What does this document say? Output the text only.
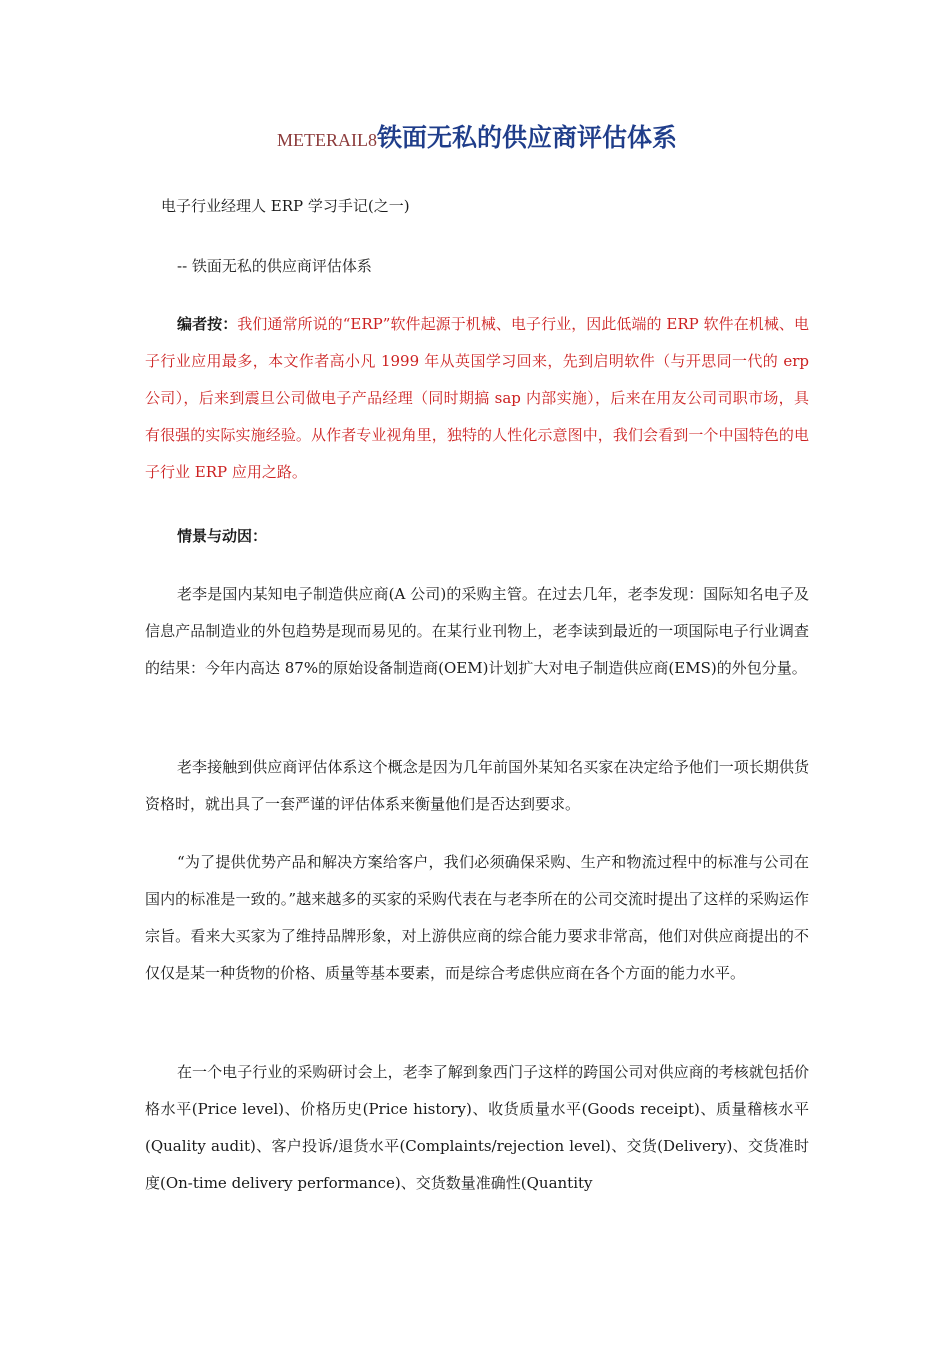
METERAIL8铁面无私的供应商评估体系
电子行业经理人 ERP 学习手记(之一)
-- 铁面无私的供应商评估体系
编者按：我们通常所说的“ERP”软件起源于机械、电子行业，因此低端的 ERP 软件在机械、电子行业应用最多，本文作者高小凡 1999 年从英国学习回来，先到启明软件（与开思同一代的 erp 公司），后来到震旦公司做电子产品经理（同时期搞 sap 内部实施），后来在用友公司司职市场，具有很强的实际实施经验。从作者专业视角里，独特的人性化示意图中，我们会看到一个中国特色的电子行业 ERP 应用之路。
情景与动因：
老李是国内某知电子制造供应商(A 公司)的采购主管。在过去几年，老李发现：国际知名电子及信息产品制造业的外包趋势是现而易见的。在某行业刊物上，老李读到最近的一项国际电子行业调查的结果：今年内高达 87%的原始设备制造商(OEM)计划扩大对电子制造供应商(EMS)的外包分量。
老李接触到供应商评估体系这个概念是因为几年前国外某知名买家在决定给予他们一项长期供货资格时，就出具了一套严谨的评估体系来衡量他们是否达到要求。
“为了提供优势产品和解决方案给客户，我们必须确保采购、生产和物流过程中的标准与公司在国内的标准是一致的。”越来越多的买家的采购代表在与老李所在的公司交流时提出了这样的采购运作宗旨。看来大买家为了维持品牌形象，对上游供应商的综合能力要求非常高，他们对供应商提出的不仅仅是某一种货物的价格、质量等基本要素，而是综合考虑供应商在各个方面的能力水平。
在一个电子行业的采购研讨会上，老李了解到象西门子这样的跨国公司对供应商的考核就包括价格水平(Price level)、价格历史(Price history)、收货质量水平(Goods receipt)、质量稽核水平(Quality audit)、客户投诉/退货水平(Complaints/rejection level)、交货(Delivery)、交货准时度(On-time delivery performance)、交货数量准确性(Quantity
